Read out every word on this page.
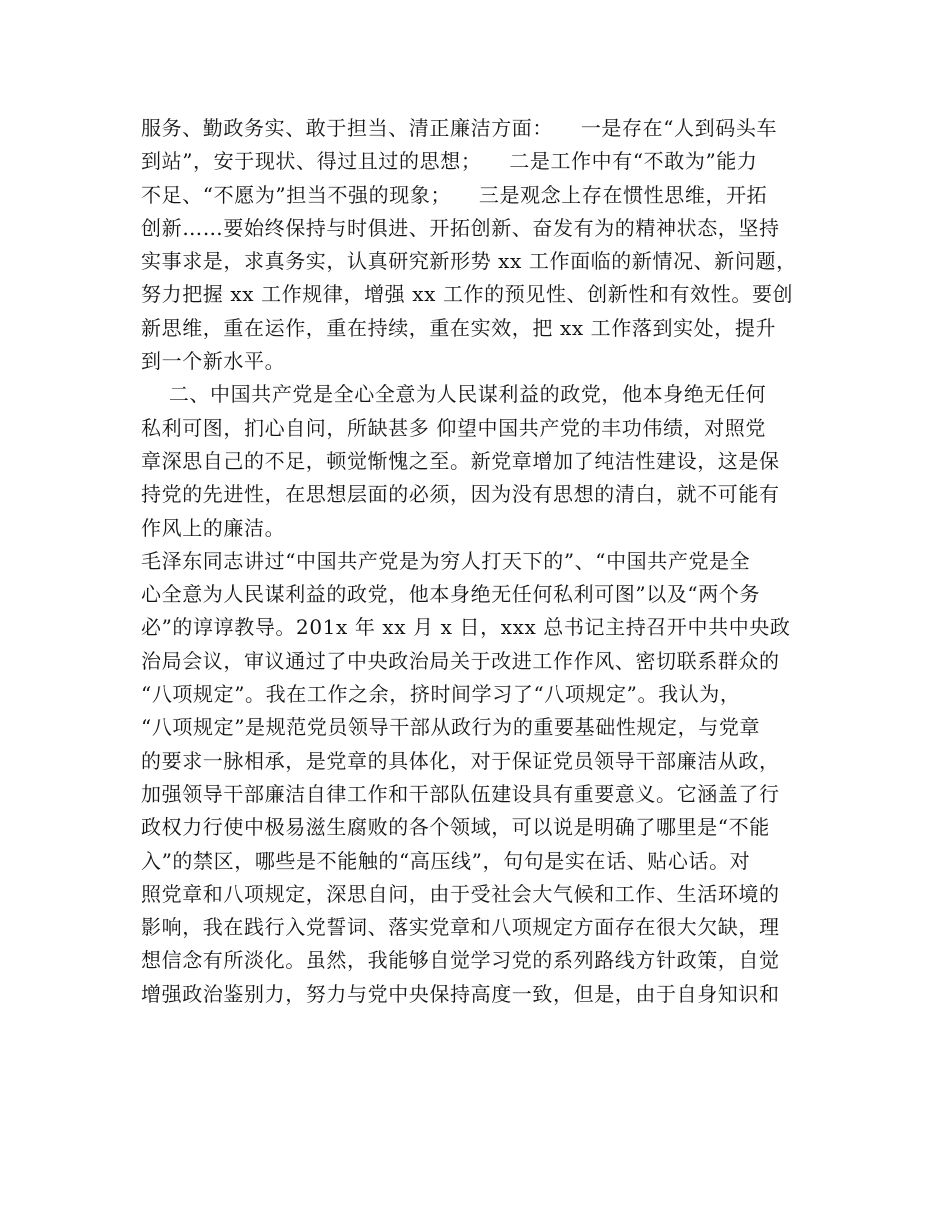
服务、勤政务实、敢于担当、清正廉洁方面：    一是存在“人到码头车
到站”，安于现状、得过且过的思想；    二是工作中有“不敢为”能力
不足、“不愿为”担当不强的现象；    三是观念上存在惯性思维，开拓
创新……要始终保持与时俱进、开拓创新、奋发有为的精神状态，坚持
实事求是，求真务实，认真研究新形势 xx 工作面临的新情况、新问题，
努力把握 xx 工作规律，增强 xx 工作的预见性、创新性和有效性。要创
新思维，重在运作，重在持续，重在实效，把 xx 工作落到实处，提升
到一个新水平。
二、中国共产党是全心全意为人民谋利益的政党，他本身绝无任何
私利可图，扪心自问，所缺甚多 仰望中国共产党的丰功伟绩，对照党
章深思自己的不足，顿觉惭愧之至。新党章增加了纯洁性建设，这是保
持党的先进性，在思想层面的必须，因为没有思想的清白，就不可能有
作风上的廉洁。
毛泽东同志讲过“中国共产党是为穷人打天下的”、“中国共产党是全
心全意为人民谋利益的政党，他本身绝无任何私利可图”以及“两个务
必”的谆谆教导。201x 年 xx 月 x 日，xxx 总书记主持召开中共中央政
治局会议，审议通过了中央政治局关于改进工作作风、密切联系群众的
“八项规定”。我在工作之余，挤时间学习了“八项规定”。我认为，
“八项规定”是规范党员领导干部从政行为的重要基础性规定，与党章
的要求一脉相承，是党章的具体化，对于保证党员领导干部廉洁从政，
加强领导干部廉洁自律工作和干部队伍建设具有重要意义。它涵盖了行
政权力行使中极易滋生腐败的各个领域，可以说是明确了哪里是“不能
入”的禁区，哪些是不能触的“高压线”，句句是实在话、贴心话。对
照党章和八项规定，深思自问，由于受社会大气候和工作、生活环境的
影响，我在践行入党誓词、落实党章和八项规定方面存在很大欠缺，理
想信念有所淡化。虽然，我能够自觉学习党的系列路线方针政策，自觉
增强政治鉴别力，努力与党中央保持高度一致，但是，由于自身知识和
